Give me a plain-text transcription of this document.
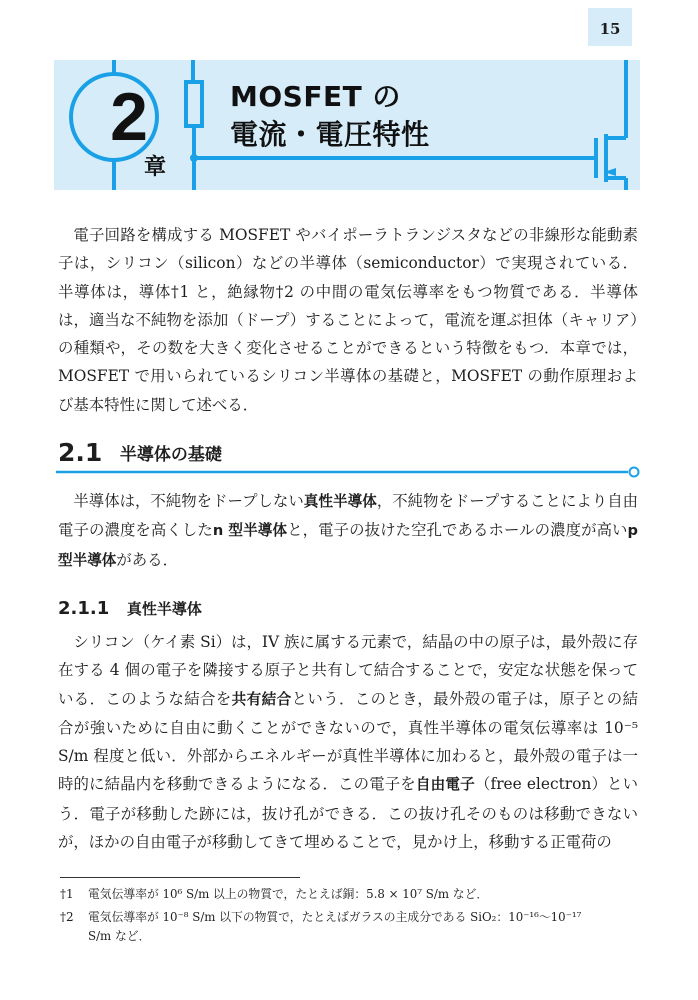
15
2
章
MOSFET の
電流・電圧特性

電子回路を構成する MOSFET やバイポーラトランジスタなどの非線形な能動素子は，シリコン（silicon）などの半導体（semiconductor）で実現されている．半導体は，導体†1 と，絶縁物†2 の中間の電気伝導率をもつ物質である．半導体は，適当な不純物を添加（ドープ）することによって，電流を運ぶ担体（キャリア）の種類や，その数を大きく変化させることができるという特徴をもつ．本章では，MOSFET で用いられているシリコン半導体の基礎と，MOSFET の動作原理および基本特性に関して述べる．

2.1 半導体の基礎

半導体は，不純物をドープしない真性半導体，不純物をドープすることにより自由電子の濃度を高くしたn 型半導体と，電子の抜けた空孔であるホールの濃度が高いp 型半導体がある．

2.1.1 真性半導体

シリコン（ケイ素 Si）は，IV 族に属する元素で，結晶の中の原子は，最外殻に存在する 4 個の電子を隣接する原子と共有して結合することで，安定な状態を保っている．このような結合を共有結合という．このとき，最外殻の電子は，原子との結合が強いために自由に動くことができないので，真性半導体の電気伝導率は 10⁻⁵ S/m 程度と低い．外部からエネルギーが真性半導体に加わると，最外殻の電子は一時的に結晶内を移動できるようになる．この電子を自由電子（free electron）という．電子が移動した跡には，抜け孔ができる．この抜け孔そのものは移動できないが，ほかの自由電子が移動してきて埋めることで，見かけ上，移動する正電荷の

†1 電気伝導率が 10⁶ S/m 以上の物質で，たとえば銅：5.8 × 10⁷ S/m など．
†2 電気伝導率が 10⁻⁸ S/m 以下の物質で，たとえばガラスの主成分である SiO₂：10⁻¹⁶～10⁻¹⁷
S/m など．
